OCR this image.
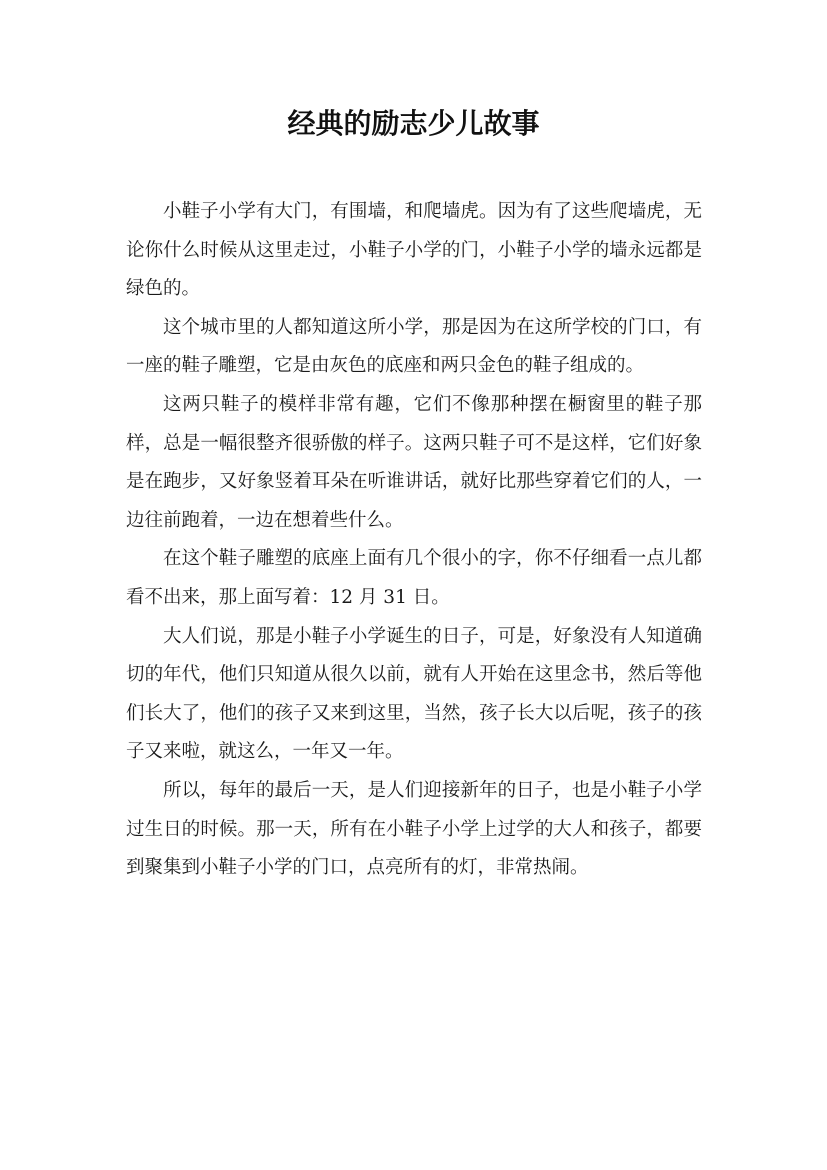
经典的励志少儿故事

小鞋子小学有大门，有围墙，和爬墙虎。因为有了这些爬墙虎，无论你什么时候从这里走过，小鞋子小学的门，小鞋子小学的墙永远都是绿色的。

这个城市里的人都知道这所小学，那是因为在这所学校的门口，有一座的鞋子雕塑，它是由灰色的底座和两只金色的鞋子组成的。

这两只鞋子的模样非常有趣，它们不像那种摆在橱窗里的鞋子那样，总是一幅很整齐很骄傲的样子。这两只鞋子可不是这样，它们好象是在跑步，又好象竖着耳朵在听谁讲话，就好比那些穿着它们的人，一边往前跑着，一边在想着些什么。

在这个鞋子雕塑的底座上面有几个很小的字，你不仔细看一点儿都看不出来，那上面写着：12 月 31 日。

大人们说，那是小鞋子小学诞生的日子，可是，好象没有人知道确切的年代，他们只知道从很久以前，就有人开始在这里念书，然后等他们长大了，他们的孩子又来到这里，当然，孩子长大以后呢，孩子的孩子又来啦，就这么，一年又一年。

所以，每年的最后一天，是人们迎接新年的日子，也是小鞋子小学过生日的时候。那一天，所有在小鞋子小学上过学的大人和孩子，都要到聚集到小鞋子小学的门口，点亮所有的灯，非常热闹。
